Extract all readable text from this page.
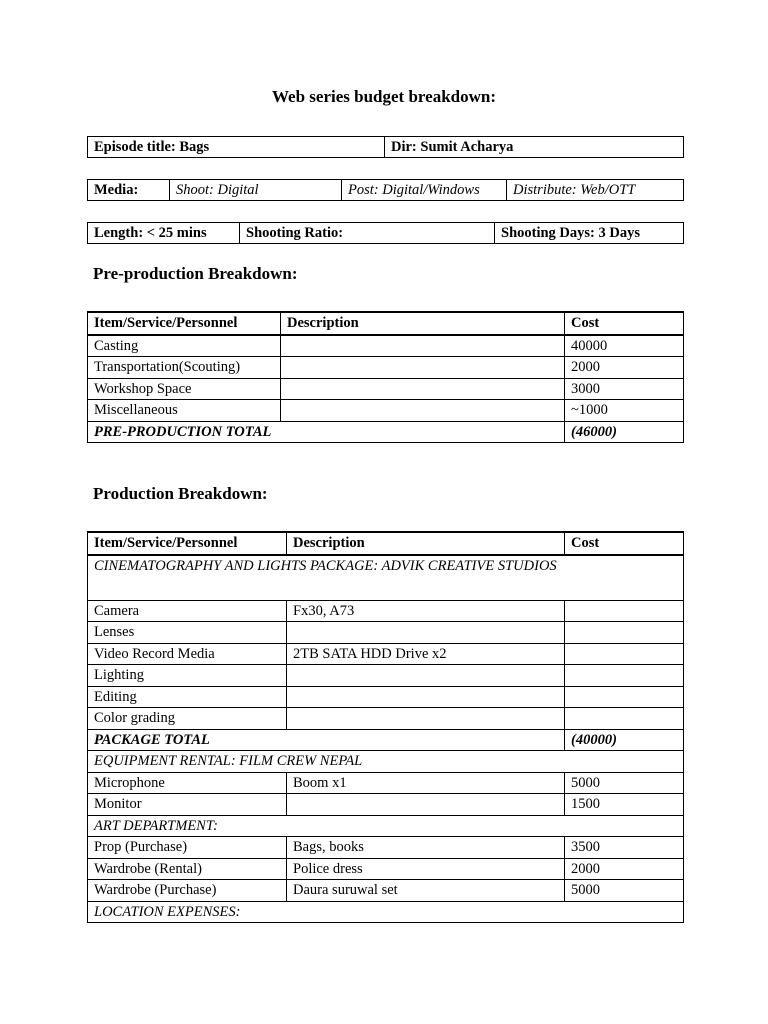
Web series budget breakdown:
Episode title: Bags	Dir: Sumit Acharya
Media:	Shoot: Digital	Post: Digital/Windows	Distribute: Web/OTT
Length: < 25 mins	Shooting Ratio:	Shooting Days: 3 Days
Pre-production Breakdown:
Item/Service/Personnel	Description	Cost
Casting		40000
Transportation(Scouting)		2000
Workshop Space		3000
Miscellaneous		~1000
PRE-PRODUCTION TOTAL		(46000)
Production Breakdown:
Item/Service/Personnel	Description	Cost
CINEMATOGRAPHY AND LIGHTS PACKAGE: ADVIK CREATIVE STUDIOS		
Camera	Fx30, A73	
Lenses		
Video Record Media	2TB SATA HDD Drive x2	
Lighting		
Editing		
Color grading		
PACKAGE TOTAL		(40000)
EQUIPMENT RENTAL: FILM CREW NEPAL		
Microphone	Boom x1	5000
Monitor		1500
ART DEPARTMENT:		
Prop (Purchase)	Bags, books	3500
Wardrobe (Rental)	Police dress	2000
Wardrobe (Purchase)	Daura suruwal set	5000
LOCATION EXPENSES:		
